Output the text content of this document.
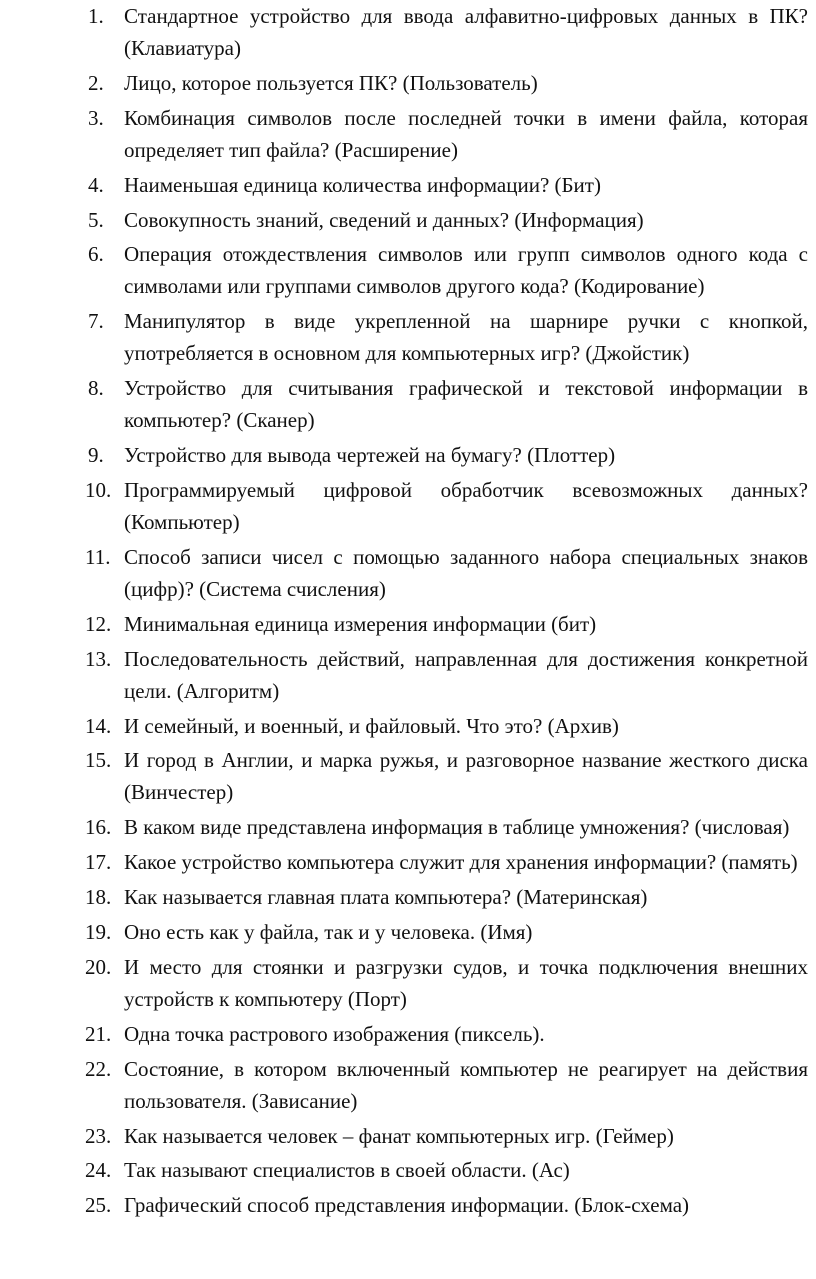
1. Стандартное устройство для ввода алфавитно-цифровых данных в ПК? (Клавиатура)
2. Лицо, которое пользуется ПК? (Пользователь)
3. Комбинация символов после последней точки в имени файла, которая определяет тип файла? (Расширение)
4. Наименьшая единица количества информации? (Бит)
5. Совокупность знаний, сведений и данных? (Информация)
6. Операция отождествления символов или групп символов одного кода с символами или группами символов другого кода? (Кодирование)
7. Манипулятор в виде укрепленной на шарнире ручки с кнопкой, употребляется в основном для компьютерных игр? (Джойстик)
8. Устройство для считывания графической и текстовой информации в компьютер? (Сканер)
9. Устройство для вывода чертежей на бумагу? (Плоттер)
10. Программируемый цифровой обработчик всевозможных данных? (Компьютер)
11. Способ записи чисел с помощью заданного набора специальных знаков (цифр)? (Система счисления)
12. Минимальная единица измерения информации (бит)
13. Последовательность действий, направленная для достижения конкретной цели. (Алгоритм)
14. И семейный, и военный, и файловый. Что это? (Архив)
15. И город в Англии, и марка ружья, и разговорное название жесткого диска (Винчестер)
16. В каком виде представлена информация в таблице умножения? (числовая)
17. Какое устройство компьютера служит для хранения информации? (память)
18. Как называется главная плата компьютера? (Материнская)
19. Оно есть как у файла, так и у человека. (Имя)
20. И место для стоянки и разгрузки судов, и точка подключения внешних устройств к компьютеру (Порт)
21. Одна точка растрового изображения (пиксель).
22. Состояние, в котором включенный компьютер не реагирует на действия пользователя. (Зависание)
23. Как называется человек – фанат компьютерных игр. (Геймер)
24. Так называют специалистов в своей области. (Ас)
25. Графический способ представления информации. (Блок-схема)
